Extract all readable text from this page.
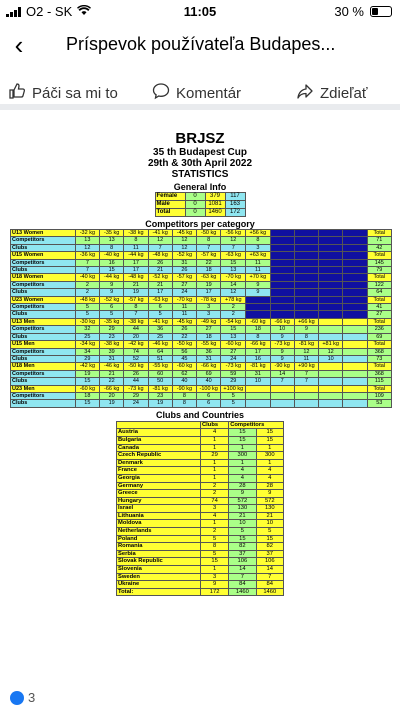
O2 - SK	11:05	30 %
‹	Príspevok používateľa Budapes...
Páči sa mi to	Komentár	Zdieľať
BRJSZ
35 th Budapest Cup
29th & 30th April 2022
STATISTICS
General Info
Female	0	379	117
Male	0	1081	163
Total	0	1460	172
Competitors per category
U13 Women	-32 kg	-35 kg	-38 kg	-41 kg	-45 kg	-50 kg	-56 kg	+56 kg					Total
Competitors	13	13	8	12	12	8	12	8					71
Clubs	12	8	11	7	12	7	7	3					42
U15 Women	-36 kg	-40 kg	-44 kg	-48 kg	-52 kg	-57 kg	-63 kg	+63 kg					Total
Competitors	7	16	17	26	31	22	15	11					145
Clubs	7	15	17	21	26	18	13	11					79
U18 Women	-40 kg	-44 kg	-48 kg	-52 kg	-57 kg	-63 kg	-70 kg	+70 kg					Total
Competitors	2	9	21	21	27	19	14	9					122
Clubs	2	9	19	17	24	17	12	9					64
U23 Women	-48 kg	-52 kg	-57 kg	-63 kg	-70 kg	-78 kg	+78 kg						Total
Competitors	5	6	8	6	11	3	2						41
Clubs	5	5	7	5	11	3	2						27
U13 Men	-30 kg	-35 kg	-38 kg	-41 kg	-45 kg	-49 kg	-54 kg	-60 kg	-66 kg	+66 kg			Total
Competitors	32	29	44	36	26	27	15	18	10	9			236
Clubs	25	23	20	25	22	18	13	8	9	8			69
U15 Men	-34 kg	-38 kg	-42 kg	-46 kg	-50 kg	-55 kg	-60 kg	-66 kg	-73 kg	-81 kg	+81 kg		Total
Competitors	34	39	74	64	56	36	27	17	9	12	12		368
Clubs	29	31	52	51	45	31	24	16	9	11	10		73
U18 Men	-42 kg	-46 kg	-50 kg	-55 kg	-60 kg	-66 kg	-73 kg	-81 kg	-90 kg	+90 kg			Total
Competitors	19	21	26	60	62	69	59	31	14	7			368
Clubs	15	22	44	50	40	40	29	10	7	7			115
U23 Men	-60 kg	-66 kg	-73 kg	-81 kg	-90 kg	-100 kg	+100 kg						Total
Competitors	18	20	29	23	8	6	5						109
Clubs	15	19	24	19	8	6	5						53
Clubs and Countries
	Clubs	Competitors	
Austria	4	15	15
Bulgaria	1	15	15
Canada	1	1	1
Czech Republic	29	300	300
Denmark	1	1	1
France	1	4	4
Georgia	1	4	4
Germany	2	28	28
Greece	2	9	9
Hungary	74	572	572
Israel	3	130	130
Lithuania	4	21	21
Moldova	1	10	10
Netherlands	2	5	5
Poland	5	15	15
Romania	8	82	82
Serbia	5	37	37
Slovak Republic	15	106	106
Slovenia	1	14	14
Sweden	3	7	7
Ukraine	9	84	84
Total:	172	1460	1460
3
